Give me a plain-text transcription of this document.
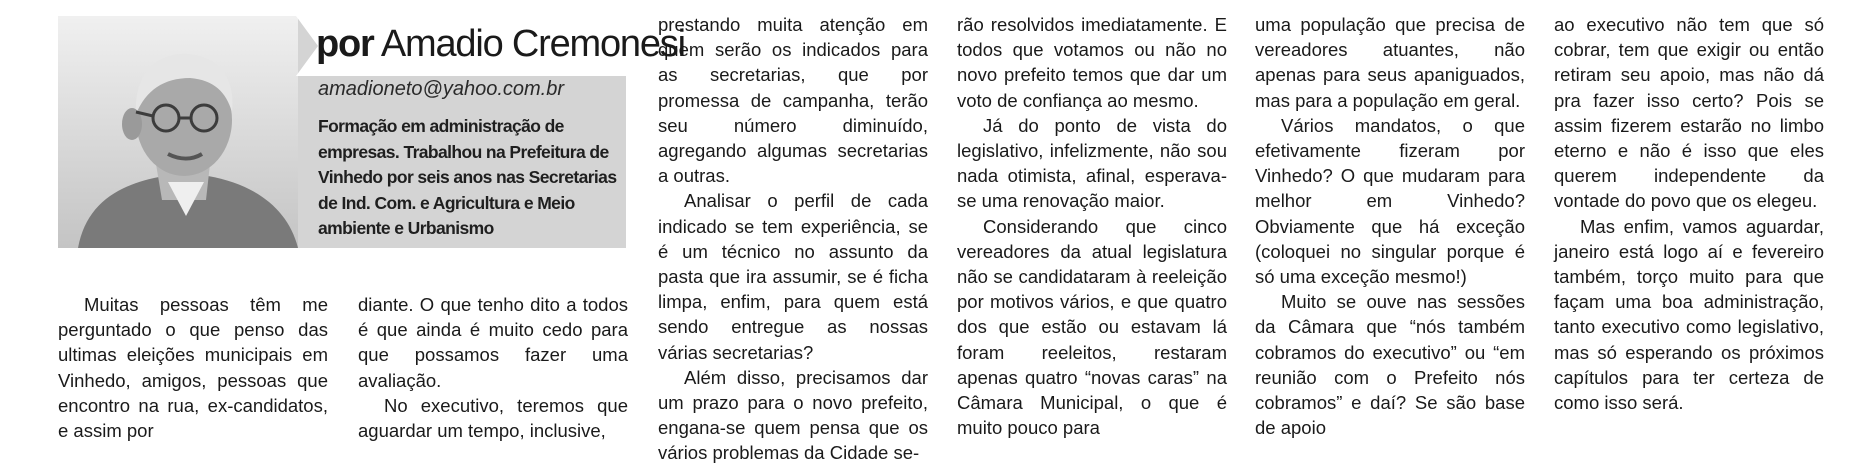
por Amadio Cremonesi
amadioneto@yahoo.com.br
Formação em administração de empresas. Trabalhou na Prefeitura de Vinhedo por seis anos nas Secretarias de Ind. Com. e Agricultura e Meio ambiente e Urbanismo

Muitas pessoas têm me perguntado o que penso das ultimas eleições municipais em Vinhedo, amigos, pessoas que encontro na rua, ex-candidatos, e assim por

diante. O que tenho dito a todos é que ainda é muito cedo para que possamos fazer uma avaliação.

No executivo, teremos que aguardar um tempo, inclusive,

prestando muita atenção em quem serão os indicados para as secretarias, que por promessa de campanha, terão seu número diminuído, agregando algumas secretarias a outras.

Analisar o perfil de cada indicado se tem experiência, se é um técnico no assunto da pasta que ira assumir, se é ficha limpa, enfim, para quem está sendo entregue as nossas várias secretarias?

Além disso, precisamos dar um prazo para o novo prefeito, engana-se quem pensa que os vários problemas da Cidade se-

rão resolvidos imediatamente. E todos que votamos ou não no novo prefeito temos que dar um voto de confiança ao mesmo.

Já do ponto de vista do legislativo, infelizmente, não sou nada otimista, afinal, esperava-se uma renovação maior.

Considerando que cinco vereadores da atual legislatura não se candidataram à reeleição por motivos vários, e que quatro dos que estão ou estavam lá foram reeleitos, restaram apenas quatro “novas caras” na Câmara Municipal, o que é muito pouco para

uma população que precisa de vereadores atuantes, não apenas para seus apaniguados, mas para a população em geral.

Vários mandatos, o que efetivamente fizeram por Vinhedo? O que mudaram para melhor em Vinhedo? Obviamente que há exceção (coloquei no singular porque é só uma exceção mesmo!)

Muito se ouve nas sessões da Câmara que “nós também cobramos do executivo” ou “em reunião com o Prefeito nós cobramos” e daí? Se são base de apoio

ao executivo não tem que só cobrar, tem que exigir ou então retiram seu apoio, mas não dá pra fazer isso certo? Pois se assim fizerem estarão no limbo eterno e não é isso que eles querem independente da vontade do povo que os elegeu.

Mas enfim, vamos aguardar, janeiro está logo aí e fevereiro também, torço muito para que façam uma boa administração, tanto executivo como legislativo, mas só esperando os próximos capítulos para ter certeza de como isso será.
